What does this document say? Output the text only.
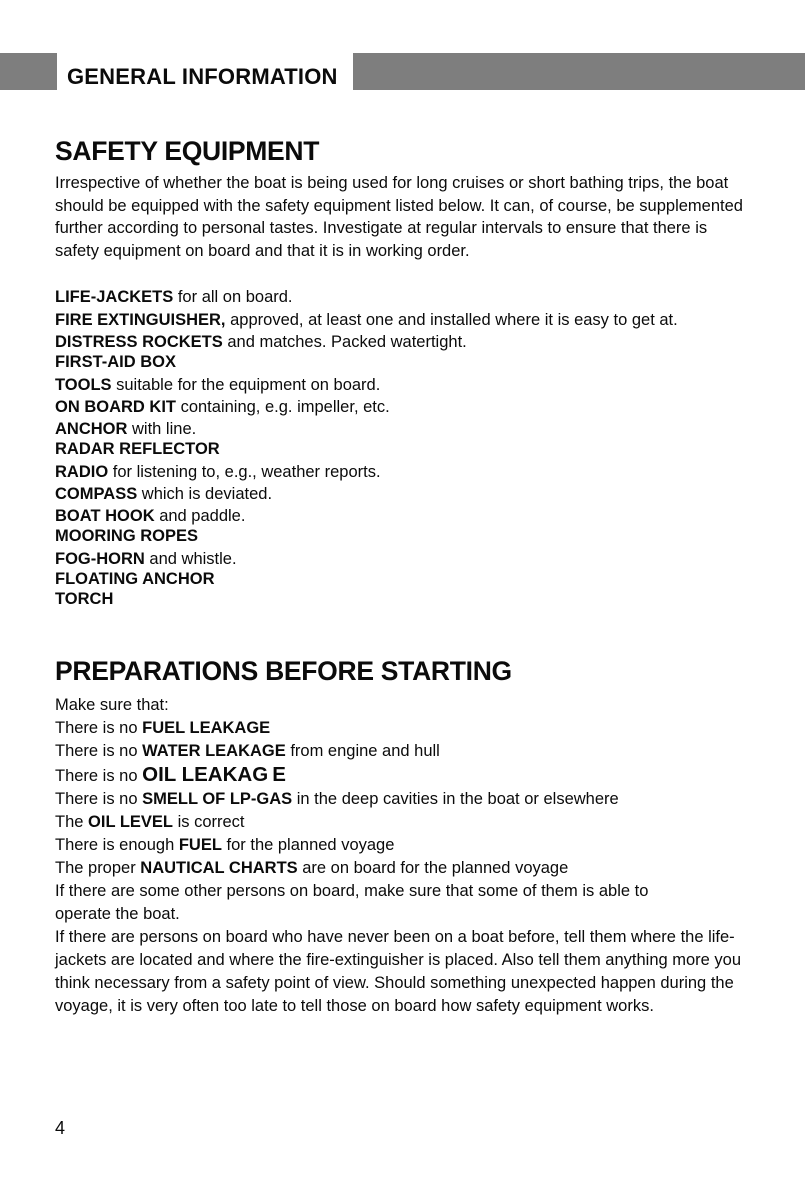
GENERAL INFORMATION
SAFETY EQUIPMENT

Irrespective of whether the boat is being used for long cruises or short bathing trips, the boat should be equipped with the safety equipment listed below. It can, of course, be supplemented further according to personal tastes. Investigate at regular intervals to ensure that there is safety equipment on board and that it is in working order.

LIFE-JACKETS for all on board.
FIRE EXTINGUISHER, approved, at least one and installed where it is easy to get at.
DISTRESS ROCKETS and matches. Packed watertight.
FIRST-AID BOX
TOOLS suitable for the equipment on board.
ON BOARD KIT containing, e.g. impeller, etc.
ANCHOR with line.
RADAR REFLECTOR
RADIO for listening to, e.g., weather reports.
COMPASS which is deviated.
BOAT HOOK and paddle.
MOORING ROPES
FOG-HORN and whistle.
FLOATING ANCHOR
TORCH
PREPARATIONS BEFORE STARTING

Make sure that:

There is no FUEL LEAKAGE
There is no WATER LEAKAGE from engine and hull
There is no OIL LEAKAG E
There is no SMELL OF LP-GAS in the deep cavities in the boat or elsewhere
The OIL LEVEL is correct
There is enough FUEL for the planned voyage
The proper NAUTICAL CHARTS are on board for the planned voyage

If there are some other persons on board, make sure that some of them is able to operate the boat.

If there are persons on board who have never been on a boat before, tell them where the life-jackets are located and where the fire-extinguisher is placed. Also tell them anything more you think necessary from a safety point of view. Should something unexpected happen during the voyage, it is very often too late to tell those on board how safety equipment works.

4
